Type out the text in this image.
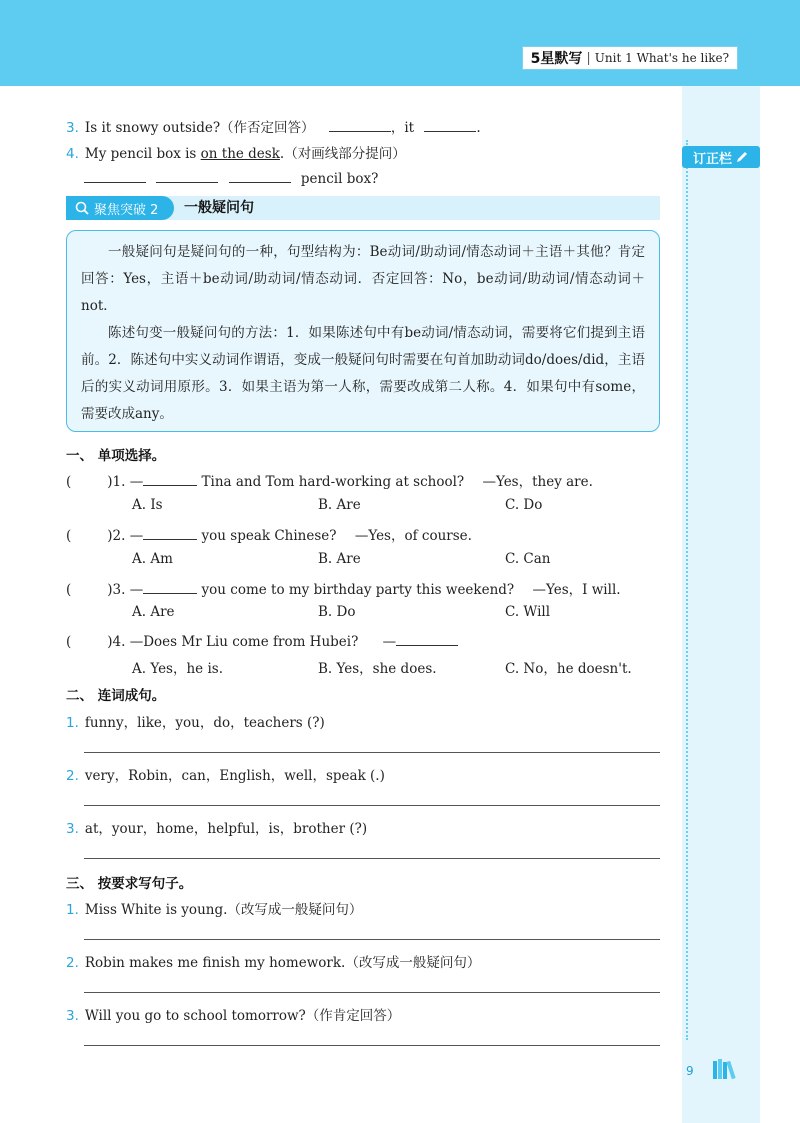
5星默写 | Unit 1 What's he like?
订正栏
3. Is it snowy outside?（作否定回答）	，it	.
4. My pencil box is on the desk.（对画线部分提问）
pencil box?
聚焦突破 2 一般疑问句

一般疑问句是疑问句的一种，句型结构为：Be动词/助动词/情态动词＋主语＋其他？肯定回答：Yes，主语＋be动词/助动词/情态动词．否定回答：No，be动词/助动词/情态动词＋not．

陈述句变一般疑问句的方法：1．如果陈述句中有be动词/情态动词，需要将它们提到主语前。2．陈述句中实义动词作谓语，变成一般疑问句时需要在句首加助动词do/does/did，主语后的实义动词用原形。3．如果主语为第一人称，需要改成第二人称。4．如果句中有some，需要改成any。

一、 单项选择。
(	)1. —	Tina and Tom hard-working at school? —Yes，they are.
A. Is	B. Are	C. Do
(	)2. —	you speak Chinese? —Yes，of course.
A. Am	B. Are	C. Can
(	)3. —	you come to my birthday party this weekend? —Yes，I will.
A. Are	B. Do	C. Will
(	)4. —Does Mr Liu come from Hubei? —
A. Yes，he is.	B. Yes，she does.	C. No，he doesn't.
二、 连词成句。
1. funny，like，you，do，teachers (?)
2. very，Robin，can，English，well，speak (.)
3. at，your，home，helpful，is，brother (?)
三、 按要求写句子。
1. Miss White is young.（改写成一般疑问句）
2. Robin makes me finish my homework.（改写成一般疑问句）
3. Will you go to school tomorrow?（作肯定回答）
9
